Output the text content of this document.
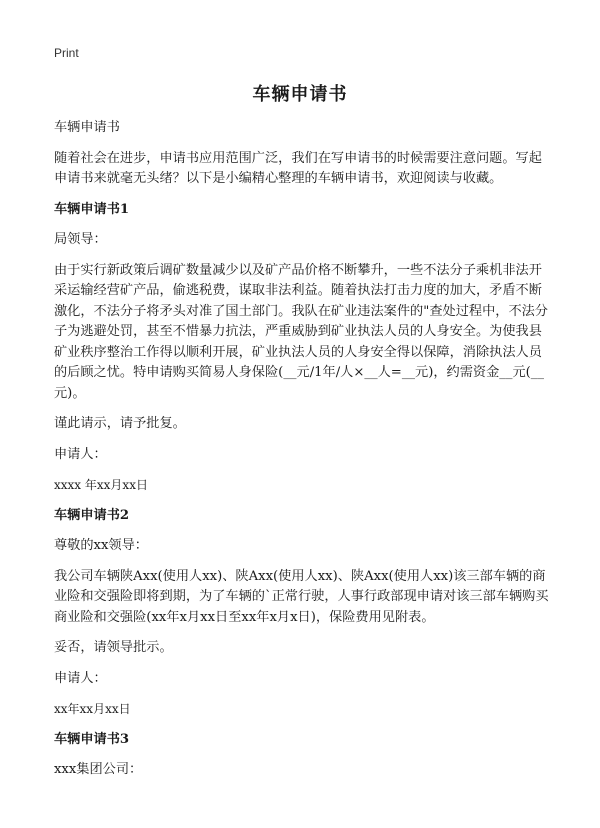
Print
车辆申请书

车辆申请书

随着社会在进步，申请书应用范围广泛，我们在写申请书的时候需要注意问题。写起申请书来就毫无头绪？以下是小编精心整理的车辆申请书，欢迎阅读与收藏。

车辆申请书1

局领导：

由于实行新政策后调矿数量减少以及矿产品价格不断攀升，一些不法分子乘机非法开采运输经营矿产品，偷逃税费，谋取非法利益。随着执法打击力度的加大，矛盾不断激化，不法分子将矛头对准了国土部门。我队在矿业违法案件的"查处过程中，不法分子为逃避处罚，甚至不惜暴力抗法，严重威胁到矿业执法人员的人身安全。为使我县矿业秩序整治工作得以顺利开展，矿业执法人员的人身安全得以保障，消除执法人员的后顾之忧。特申请购买简易人身保险(__元/1年/人×__人=__元)，约需资金__元(__元)。

谨此请示，请予批复。

申请人：

xxxx 年xx月xx日

车辆申请书2

尊敬的xx领导：

我公司车辆陕Axx(使用人xx)、陕Axx(使用人xx)、陕Axx(使用人xx)该三部车辆的商业险和交强险即将到期，为了车辆的`正常行驶，人事行政部现申请对该三部车辆购买商业险和交强险(xx年x月xx日至xx年x月x日)，保险费用见附表。

妥否，请领导批示。

申请人：

xx年xx月xx日

车辆申请书3

xxx集团公司：
